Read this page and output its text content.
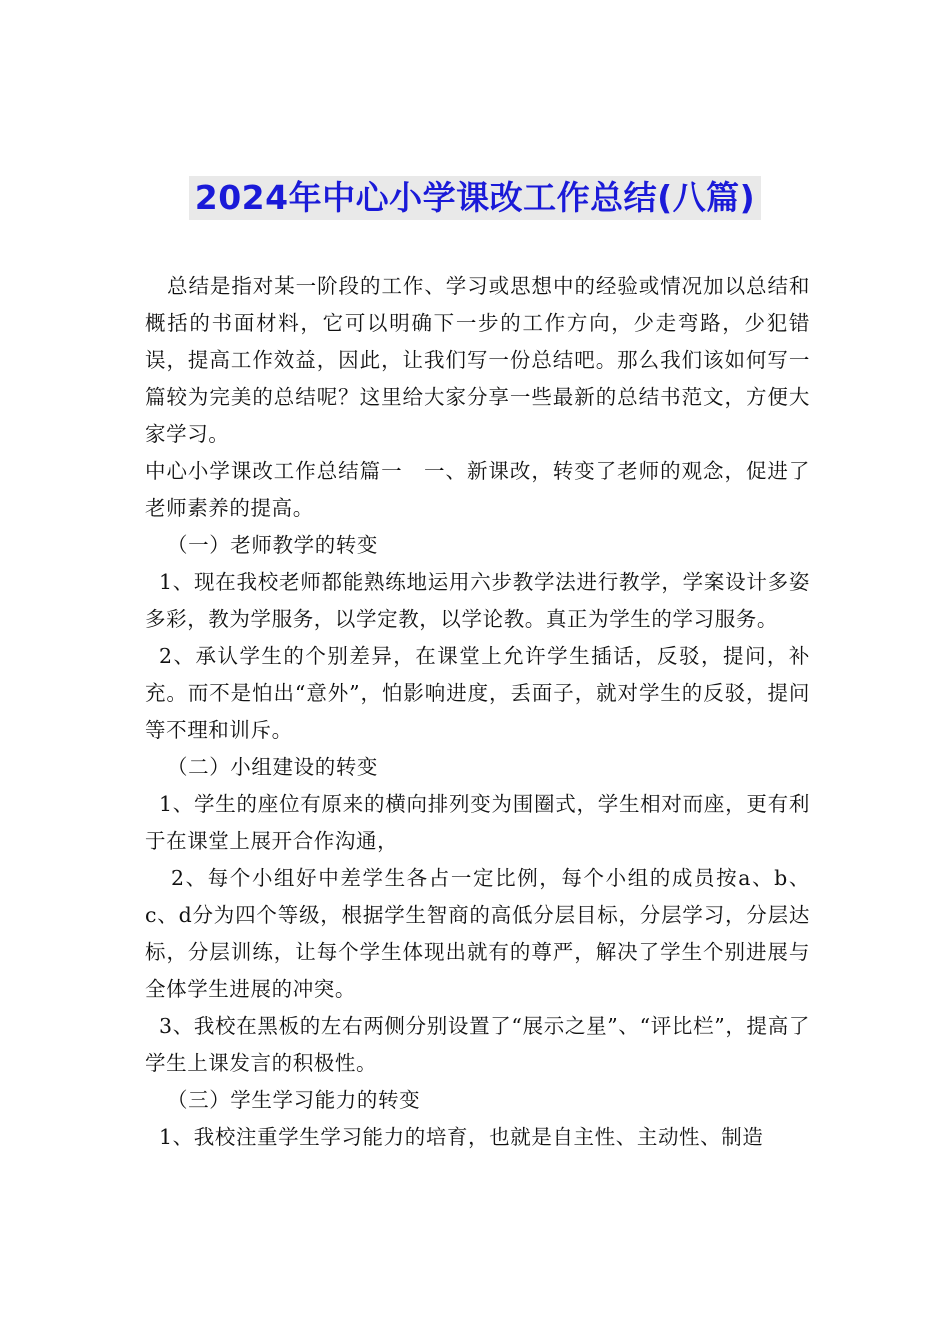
2024年中心小学课改工作总结(八篇)

总结是指对某一阶段的工作、学习或思想中的经验或情况加以总结和概括的书面材料，它可以明确下一步的工作方向，少走弯路，少犯错误，提高工作效益，因此，让我们写一份总结吧。那么我们该如何写一篇较为完美的总结呢？这里给大家分享一些最新的总结书范文，方便大家学习。

中心小学课改工作总结篇一　一、新课改，转变了老师的观念，促进了老师素养的提高。

（一）老师教学的转变

1、现在我校老师都能熟练地运用六步教学法进行教学，学案设计多姿多彩，教为学服务，以学定教，以学论教。真正为学生的学习服务。

2、承认学生的个别差异，在课堂上允许学生插话，反驳，提问，补充。而不是怕出“意外”，怕影响进度，丢面子，就对学生的反驳，提问等不理和训斥。

（二）小组建设的转变

1、学生的座位有原来的横向排列变为围圈式，学生相对而座，更有利于在课堂上展开合作沟通，

2、每个小组好中差学生各占一定比例，每个小组的成员按a、b、c、d分为四个等级，根据学生智商的高低分层目标，分层学习，分层达标，分层训练，让每个学生体现出就有的尊严，解决了学生个别进展与全体学生进展的冲突。

3、我校在黑板的左右两侧分别设置了“展示之星”、“评比栏”，提高了学生上课发言的积极性。

（三）学生学习能力的转变

1、我校注重学生学习能力的培育，也就是自主性、主动性、制造
